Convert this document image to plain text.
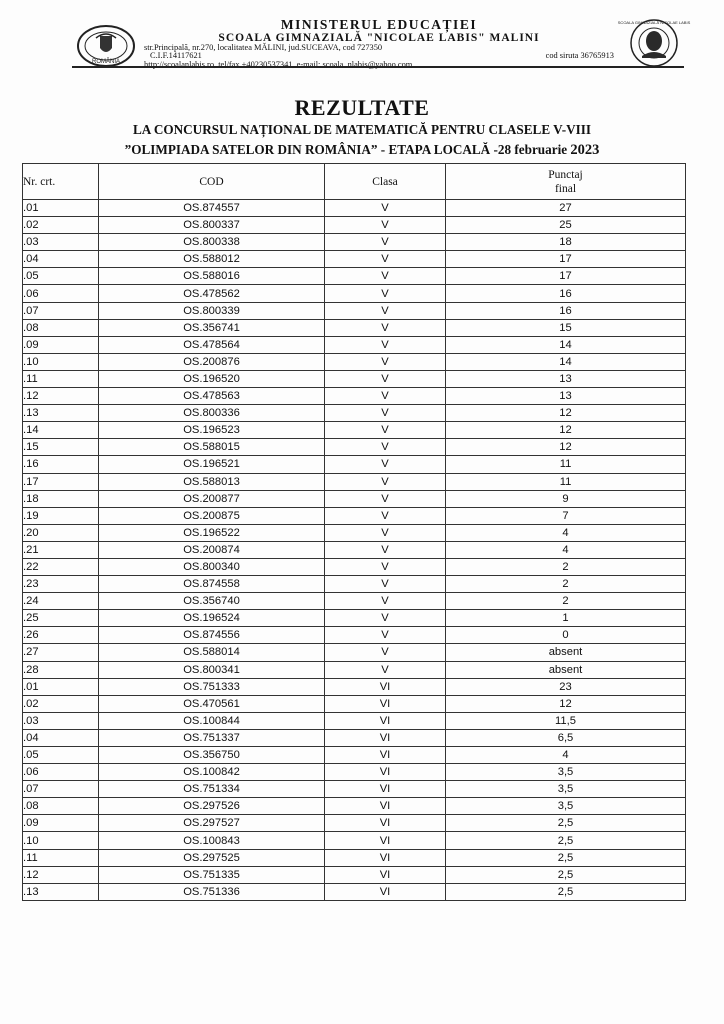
ROMÂNIA
MINISTERUL EDUCAȚIEI
SCOALA GIMNAZIALĂ "NICOLAE LABIS" MALINI
str.Principală, nr.270, localitatea MĂLINI, jud.SUCEAVA, cod 727350
C.I.F.14117621	cod siruta 36765913
http://scoalanlabis.ro, tel/fax +40230537341, e-mail: scoala_nlabis@yahoo.com
SCOALA GIMNAZIALĂ NICOLAE LABIS
REZULTATE
LA CONCURSUL NAȚIONAL DE MATEMATICĂ PENTRU CLASELE V-VIII
”OLIMPIADA SATELOR DIN ROMÂNIA” - ETAPA LOCALĂ -28 februarie 2023
Nr. crt.	COD	Clasa	Punctaj
final
.01	OS.874557	V	27
.02	OS.800337	V	25
.03	OS.800338	V	18
.04	OS.588012	V	17
.05	OS.588016	V	17
.06	OS.478562	V	16
.07	OS.800339	V	16
.08	OS.356741	V	15
.09	OS.478564	V	14
.10	OS.200876	V	14
.11	OS.196520	V	13
.12	OS.478563	V	13
.13	OS.800336	V	12
.14	OS.196523	V	12
.15	OS.588015	V	12
.16	OS.196521	V	11
.17	OS.588013	V	11
.18	OS.200877	V	9
.19	OS.200875	V	7
.20	OS.196522	V	4
.21	OS.200874	V	4
.22	OS.800340	V	2
.23	OS.874558	V	2
.24	OS.356740	V	2
.25	OS.196524	V	1
.26	OS.874556	V	0
.27	OS.588014	V	absent
.28	OS.800341	V	absent
.01	OS.751333	VI	23
.02	OS.470561	VI	12
.03	OS.100844	VI	11,5
.04	OS.751337	VI	6,5
.05	OS.356750	VI	4
.06	OS.100842	VI	3,5
.07	OS.751334	VI	3,5
.08	OS.297526	VI	3,5
.09	OS.297527	VI	2,5
.10	OS.100843	VI	2,5
.11	OS.297525	VI	2,5
.12	OS.751335	VI	2,5
.13	OS.751336	VI	2,5
